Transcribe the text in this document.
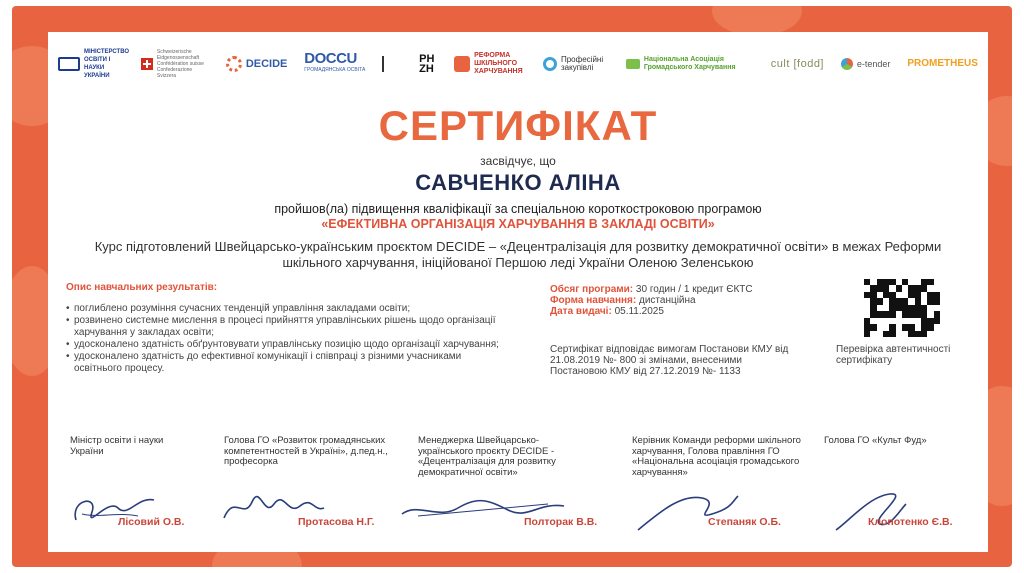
МІНІСТЕРСТВО ОСВІТИ І НАУКИ УКРАЇНИ
Schweizerische Eidgenossenschaft Confédération suisse Confederazione Svizzera
DECIDE DOCCU
ГРОМАДЯНСЬКА ОСВІТА
PH ZH
РЕФОРМА ШКІЛЬНОГО ХАРЧУВАННЯ
Професійні закупівлі
Національна Асоціація Громадського Харчування	cult [fodd]	e-tender PROMETHEUS
СЕРТИФІКАТ
засвідчує, що
САВЧЕНКО АЛІНА
пройшов(ла) підвищення кваліфікації за спеціальною короткостроковою програмою
«ЕФЕКТИВНА ОРГАНІЗАЦІЯ ХАРЧУВАННЯ В ЗАКЛАДІ ОСВІТИ»
Курс підготовлений Швейцарсько-українським проєктом DECIDE – «Децентралізація для розвитку демократичної освіти» в межах Реформи шкільного харчування, ініційованої Першою леді України Оленою Зеленською
Опис навчальних результатів:
• поглиблено розуміння сучасних тенденцій управління закладами освіти;
• розвинено системне мислення в процесі прийняття управлінських рішень щодо організації харчування у закладах освіти;
• удосконалено здатність обґрунтовувати управлінську позицію щодо організації харчування;
• удосконалено здатність до ефективної комунікації і співпраці з різними учасниками освітнього процесу.
Обсяг програми: 30 годин / 1 кредит ЄКТС
Форма навчання: дистанційна
Дата видачі: 05.11.2025
Сертифікат відповідає вимогам Постанови КМУ від 21.08.2019 №- 800 зі змінами, внесеними Постановою КМУ від 27.12.2019 №- 1133
Перевірка автентичності сертифікату
Міністр освіти і науки України
Голова ГО «Розвиток громадянських компетентностей в Україні», д.пед.н., професорка
Менеджерка Швейцарсько-українського проєкту DECIDE - «Децентралізація для розвитку демократичної освіти»
Керівник Команди реформи шкільного харчування, Голова правління ГО «Національна асоціація громадського харчування»
Голова ГО «Культ Фуд»
Лісовий О.В.	Протасова Н.Г.	Полторак В.В.	Степаняк О.Б.	Клопотенко Є.В.
